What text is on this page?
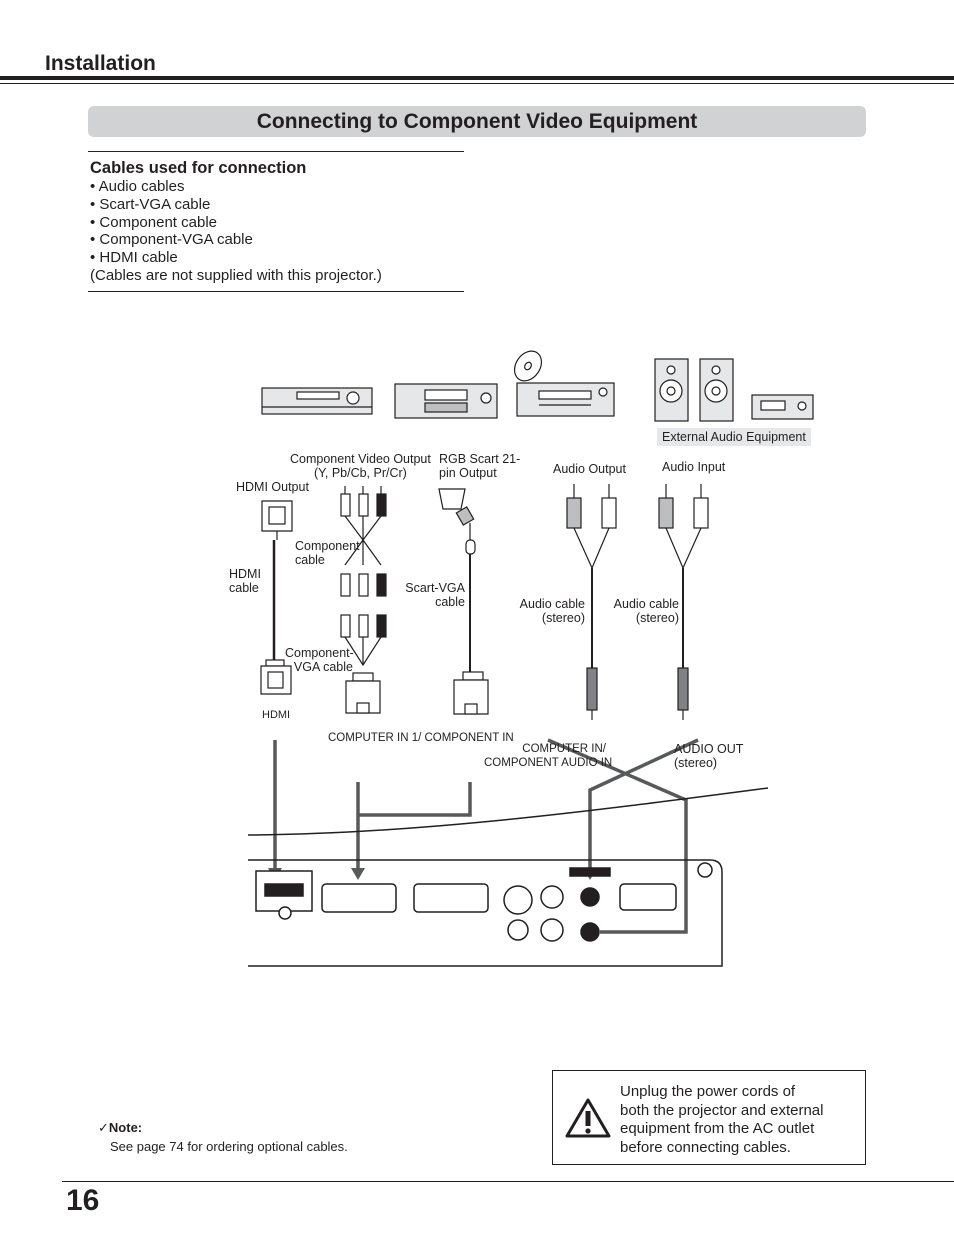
Installation
Connecting to Component Video Equipment
Cables used for connection
• Audio cables
• Scart-VGA cable
• Component cable
• Component-VGA cable
• HDMI cable
(Cables are not supplied with this projector.)
External Audio Equipment
Component Video Output
(Y, Pb/Cb, Pr/Cr)
RGB Scart 21-
pin Output	Audio Output	Audio Input
HDMI Output
Component
cable
HDMI
cable	Scart-VGA
cable	Audio cable
(stereo)
Audio cable
(stereo)
Component-
VGA cable
HDMI
COMPUTER IN 1/ COMPONENT IN
COMPUTER IN/
COMPONENT AUDIO IN
AUDIO OUT
(stereo)
✓Note:
See page 74 for ordering optional cables.
Unplug the power cords of
both the projector and external
equipment from the AC outlet
before connecting cables.
16
